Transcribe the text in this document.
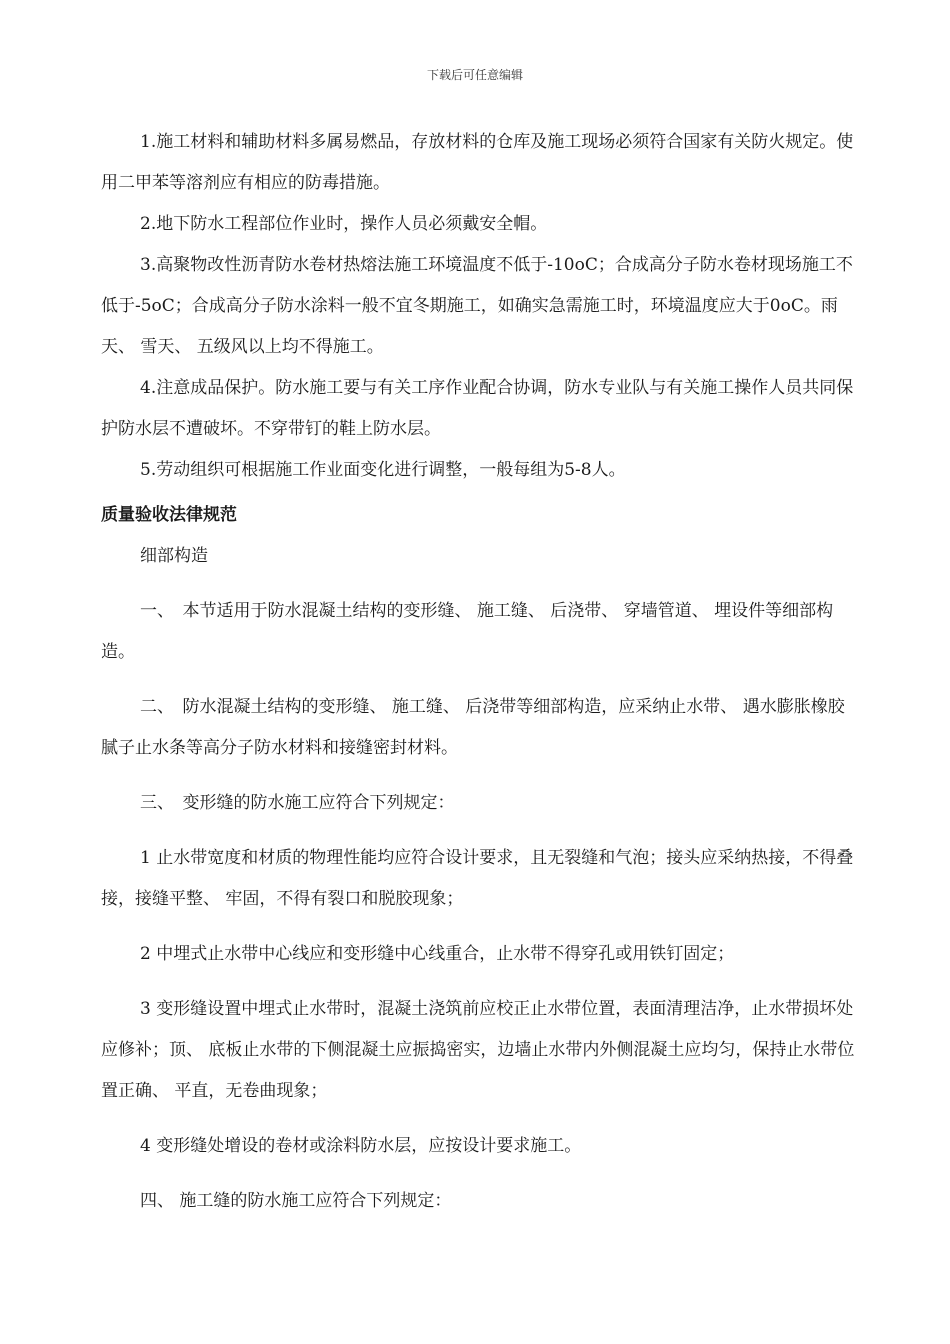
下载后可任意编辑

1.施工材料和辅助材料多属易燃品，存放材料的仓库及施工现场必须符合国家有关防火规定。使用二甲苯等溶剂应有相应的防毒措施。

2.地下防水工程部位作业时，操作人员必须戴安全帽。

3.高聚物改性沥青防水卷材热熔法施工环境温度不低于-10oC；合成高分子防水卷材现场施工不低于-5oC；合成高分子防水涂料一般不宜冬期施工，如确实急需施工时，环境温度应大于0oC。雨天、 雪天、 五级风以上均不得施工。

4.注意成品保护。防水施工要与有关工序作业配合协调，防水专业队与有关施工操作人员共同保护防水层不遭破坏。不穿带钉的鞋上防水层。

5.劳动组织可根据施工作业面变化进行调整，一般每组为5-8人。

质量验收法律规范

细部构造

一、　本节适用于防水混凝土结构的变形缝、 施工缝、 后浇带、 穿墙管道、 埋设件等细部构造。

二、　防水混凝土结构的变形缝、 施工缝、 后浇带等细部构造，应采纳止水带、 遇水膨胀橡胶腻子止水条等高分子防水材料和接缝密封材料。

三、　变形缝的防水施工应符合下列规定：

1 止水带宽度和材质的物理性能均应符合设计要求，且无裂缝和气泡；接头应采纳热接，不得叠接，接缝平整、 牢固，不得有裂口和脱胶现象；

2 中埋式止水带中心线应和变形缝中心线重合，止水带不得穿孔或用铁钉固定；

3 变形缝设置中埋式止水带时，混凝土浇筑前应校正止水带位置，表面清理洁净，止水带损坏处应修补；顶、 底板止水带的下侧混凝土应振捣密实，边墙止水带内外侧混凝土应均匀，保持止水带位置正确、 平直，无卷曲现象；

4 变形缝处增设的卷材或涂料防水层，应按设计要求施工。

四、 施工缝的防水施工应符合下列规定：
